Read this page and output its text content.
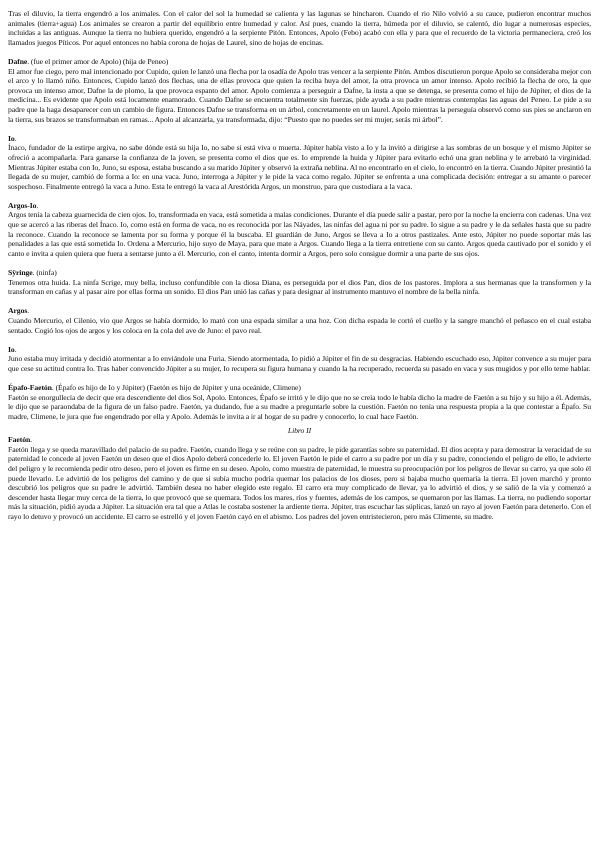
Tras el diluvio, la tierra engendró a los animales. Con el calor del sol la humedad se calienta y las lagunas se hincharon. Cuando el rio Nilo volvió a su cauce, pudieron encontrar muchos animales (tierra+agua) Los animales se crearon a partir del equilibrio entre humedad y calor. Así pues, cuando la tierra, húmeda por el diluvio, se calentó, dio lugar a numerosas especies, incluidas a las antiguas. Aunque la tierra no hubiera querido, engendró a la serpiente Pitón. Entonces, Apolo (Febo) acabó con ella y para que el recuerdo de la victoria permaneciera, creó los llamados juegos Píticos. Por aquel entonces no había corona de hojas de Laurel, sino de hojas de encinas.

Dafne. (fue el primer amor de Apolo) (hija de Peneo)

El amor fue ciego, pero mal intencionado por Cupido, quien le lanzó una flecha por la osadía de Apolo tras vencer a la serpiente Pitón. Ambos discutieron porque Apolo se consideraba mejor con el arco y lo llamó niño. Entonces, Cupido lanzó dos flechas, una de ellas provoca que quien la reciba huya del amor, la otra provoca un amor intenso. Apolo recibió la flecha de oro, la que provoca un intenso amor, Dafne la de plomo, la que provoca espanto del amor. Apolo comienza a perseguir a Dafne, la insta a que se detenga, se presenta como el hijo de Júpiter, el dios de la medicina... Es evidente que Apolo está locamente enamorado. Cuando Dafne se encuentra totalmente sin fuerzas, pide ayuda a su padre mientras contemplas las aguas del Peneo. Le pide a su padre que la haga desaparecer con un cambio de figura. Entonces Dafne se transforma en un árbol, concretamente en un laurel. Apolo mientras la perseguía observó como sus pies se anclaron en la tierra, sus brazos se transformaban en ramas... Apolo al alcanzarla, ya transformada, dijo: “Puesto que no puedes ser mi mujer, serás mi árbol”.

Io.

Ínaco, fundador de la estirpe argiva, no sabe dónde está su hija Io, no sabe si está viva o muerta. Júpiter había visto a Io y la invitó a dirigirse a las sombras de un bosque y el mismo Júpiter se ofreció a acompañarla. Para ganarse la confianza de la joven, se presenta como el dios que es. Io emprende la huida y Júpiter para evitarlo echó una gran neblina y le arrebató la virginidad. Mientras Júpiter estaba con Io, Juno, su esposa, estaba buscando a su marido Júpiter y observó la extraña neblina. Al no encontrarlo en el cielo, lo encontró en la tierra. Cuando Júpiter presintió la llegada de su mujer, cambió de forma a Io: en una vaca. Juno, interroga a Júpiter y le pide la vaca como regalo. Júpiter se enfrenta a una complicada decisión: entregar a su amante o parecer sospechoso. Finalmente entregó la vaca a Juno. Esta le entregó la vaca al Arestórida Argos, un monstruo, para que custodiara a la vaca.

Argos-Io.

Argos tenía la cabeza guarnecida de cien ojos. Io, transformada en vaca, está sometida a malas condiciones. Durante el día puede salir a pastar, pero por la noche la encierra con cadenas. Una vez que se acercó a las riberas del Ínaco. Io, como está en forma de vaca, no es reconocida por las Náyades, las ninfas del agua ni por su padre. Io sigue a su padre y le da señales hasta que su padre la reconoce. Cuando la reconoce se lamenta por su forma y porque él la buscaba. El guardián de Juno, Argos se lleva a Io a otros pastizales. Ante esto, Júpiter no puede soportar más las penalidades a las que está sometida Io. Ordena a Mercurio, hijo suyo de Maya, para que mate a Argos. Cuando llega a la tierra entretiene con su canto. Argos queda cautivado por el sonido y el canto e invita a quien quiera que fuera a sentarse junto a él. Mercurio, con el canto, intenta dormir a Argos, pero solo consigue dormir a una parte de sus ojos.

Sÿringe. (ninfa)

Tenemos otra huida. La ninfa Scrige, muy bella, incluso confundible con la diosa Diana, es perseguida por el dios Pan, dios de los pastores. Implora a sus hermanas que la transformen y la transforman en cañas y al pasar aire por ellas forma un sonido. El dios Pan unió las cañas y para designar al instrumento mantuvo el nombre de la bella ninfa.

Argos.

Cuando Mercurio, el Cilenio, vio que Argos se había dormido, lo mató con una espada similar a una hoz. Con dicha espada le cortó el cuello y la sangre manchó el peñasco en el cual estaba sentado. Cogió los ojos de argos y los coloca en la cola del ave de Juno: el pavo real.

Io.

Juno estaba muy irritada y decidió atormentar a Io enviándole una Furia. Siendo atormentada, Io pidió a Júpiter el fin de su desgracias. Habiendo escuchado eso, Júpiter convence a su mujer para que cese su actitud contra Io. Tras haber convencido Júpiter a su mujer, Io recupera su figura humana y cuando la ha recuperado, recuerda su pasado en vaca y sus mugidos y por ello teme hablar.

Épafo-Faetón. (Épafo es hijo de Io y Júpiter) (Faetón es hijo de Júpiter y una oceánide, Climene)

Faetón se enorgullecía de decir que era descendiente del dios Sol, Apolo. Entonces, Épafo se irritó y le dijo que no se creía todo le había dicho la madre de Faetón a su hijo y su hijo a él. Además, le dijo que se paraondaba de la figura de un falso padre. Faetón, ya dudando, fue a su madre a preguntarle sobre la cuestión. Faetón no tenía una respuesta propia a la que contestar a Épafo. Su madre, Climene, le jura que fue engendrado por ella y Apolo. Además le invita a ir al hogar de su padre y conocerlo, lo cual hace Faetón.

Libro II

Faetón.

Faetón llega y se queda maravillado del palacio de su padre. Faetón, cuando llega y se reúne con su padre, le pide garantías sobre su paternidad. El dios acepta y para demostrar la veracidad de su paternidad le concede al joven Faetón un deseo que el dios Apolo deberá concederle lo. El joven Faetón le pide el carro a su padre por un día y su padre, conociendo el peligro de ello, le advierte del peligro y le recomienda pedir otro deseo, pero el joven es firme en su deseo. Apolo, como muestra de paternidad, le muestra su preocupación por los peligros de llevar su carro, ya que solo él puede llevarlo. Le advirtió de los peligros del camino y de que si subía mucho podría quemar los palacios de los dioses, pero si bajaba mucho quemaría la tierra. El joven marchó y pronto descubrió los peligros que su padre le advirtió. También desea no haber elegido este regalo. El carro era muy complicado de llevar, ya lo advirtió el dios, y se salió de la vía y comenzó a descender hasta llegar muy cerca de la tierra, lo que provocó que se quemara. Todos los mares, ríos y fuentes, además de los campos, se quemaron por las llamas. La tierra, no pudiendo soportar más la situación, pidió ayuda a Júpiter. La situación era tal que a Atlas le costaba sostener la ardiente tierra. Júpiter, tras escuchar las súplicas, lanzó un rayo al joven Faetón para detenerlo. Con el rayo lo detuvo y provocó un accidente. El carro se estrelló y el joven Faetón cayó en el abismo. Los padres del joven entristecieron, pero más Climente, su madre.
